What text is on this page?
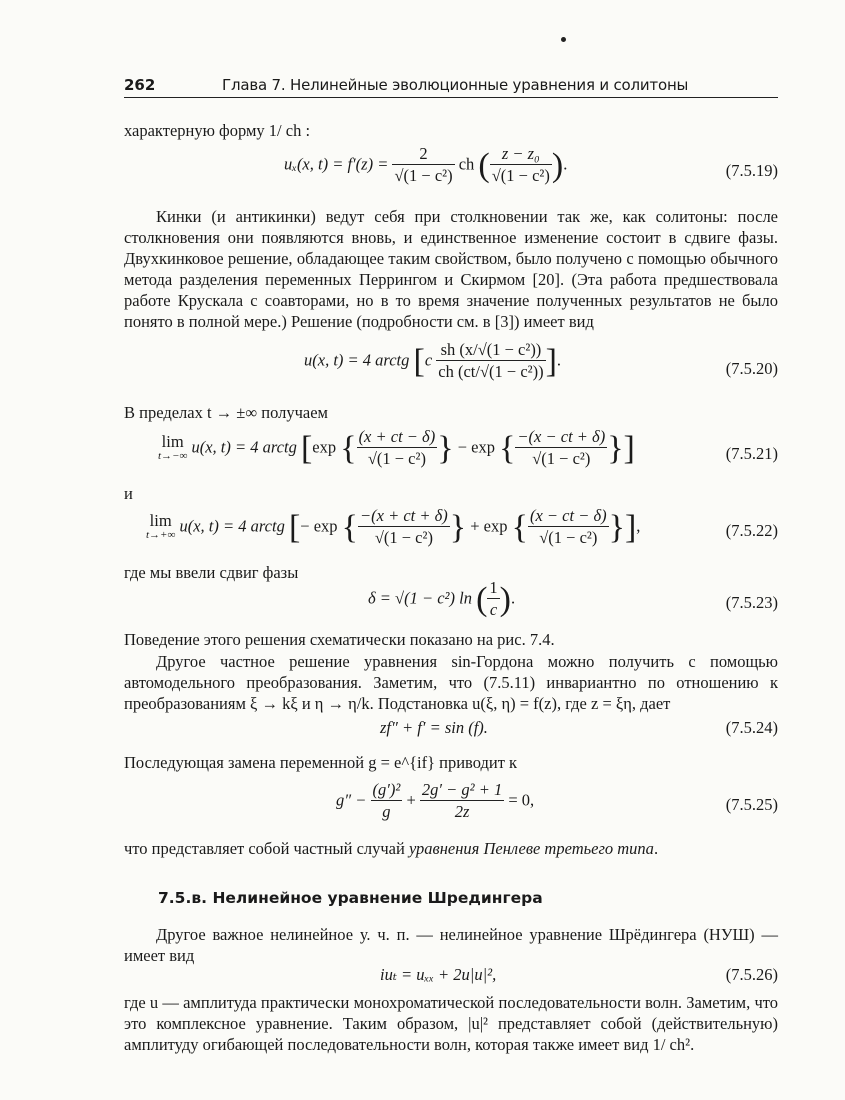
262	Глава 7. Нелинейные эволюционные уравнения и солитоны
характерную форму 1/ ch :
uₓ(x, $t) = f'(z) = \frac{2}{\text{√(1 − c²)}}$ ch ( $\frac{\text{z − z₀}}{\text{√(1 − c²)}}$ ).	(7.5.19)
Кинки (и антикинки) ведут себя при столкновении так же, как солитоны: после столкновения они появляются вновь, и единственное изменение состоит в сдвиге фазы. Двухкинковое решение, обладающее таким свойством, было получено с помощью обычного метода разделения переменных Перрингом и Скирмом [20]. (Эта работа предшествовала работе Крускала с соавторами, но в то время значение полученных результатов не было понято в полной мере.) Решение (подробности см. в [3]) имеет вид
u(x, t) = 4 arctg [$c \frac{\text{sh (x/√(1 − c²))}}{\text{ch (ct/√(1 − c²))}}$ ].	(7.5.20)
В пределах t → ±∞ получаем
lim
t→−∞ u(x, t) = 4 arctg [exp { $\frac{(x + ct - \delta)}{\text{√(1 − c²)}}$ } − exp { $\frac{-(x - ct + \delta)}{\text{√(1 − c²)}}$ }]	(7.5.21)
и
lim
t→+∞ u(x, t) = 4 arctg [− exp { $\frac{-(x + ct + \delta)}{\text{√(1 − c²)}}$ } + exp { $\frac{(x - ct - \delta)}{\text{√(1 − c²)}}$ }],	(7.5.22)
где мы ввели сдвиг фазы
δ = √(1 − c²) ln ( $\frac{1}{c}$ ).	(7.5.23)
Поведение этого решения схематически показано на рис. 7.4.
Другое частное решение уравнения sin-Гордона можно получить с помощью автомодельного преобразования. Заметим, что (7.5.11) инвариантно по отношению к преобразованиям ξ → kξ и η → η/k. Подстановка u(ξ, η) = f(z), где z = ξη, дает
zf″ + f′ = sin (f).	(7.5.24)
Последующая замена переменной g = e^{if} приводит к
$g'' - \frac{\text{(g′)²}}{g} + \frac{\text{2g′ − g² + 1}}{2z} = 0$,	(7.5.25)
что представляет собой частный случай уравнения Пенлеве третьего типа.
7.5.в. Нелинейное уравнение Шредингера
Другое важное нелинейное у. ч. п. — нелинейное уравнение Шрёдингера (НУШ) — имеет вид
iuₜ = uₓₓ + 2u|u|²,	(7.5.26)
где u — амплитуда практически монохроматической последовательности волн. Заметим, что это комплексное уравнение. Таким образом, |u|² представляет собой (действительную) амплитуду огибающей последовательности волн, которая также имеет вид 1/ ch².
